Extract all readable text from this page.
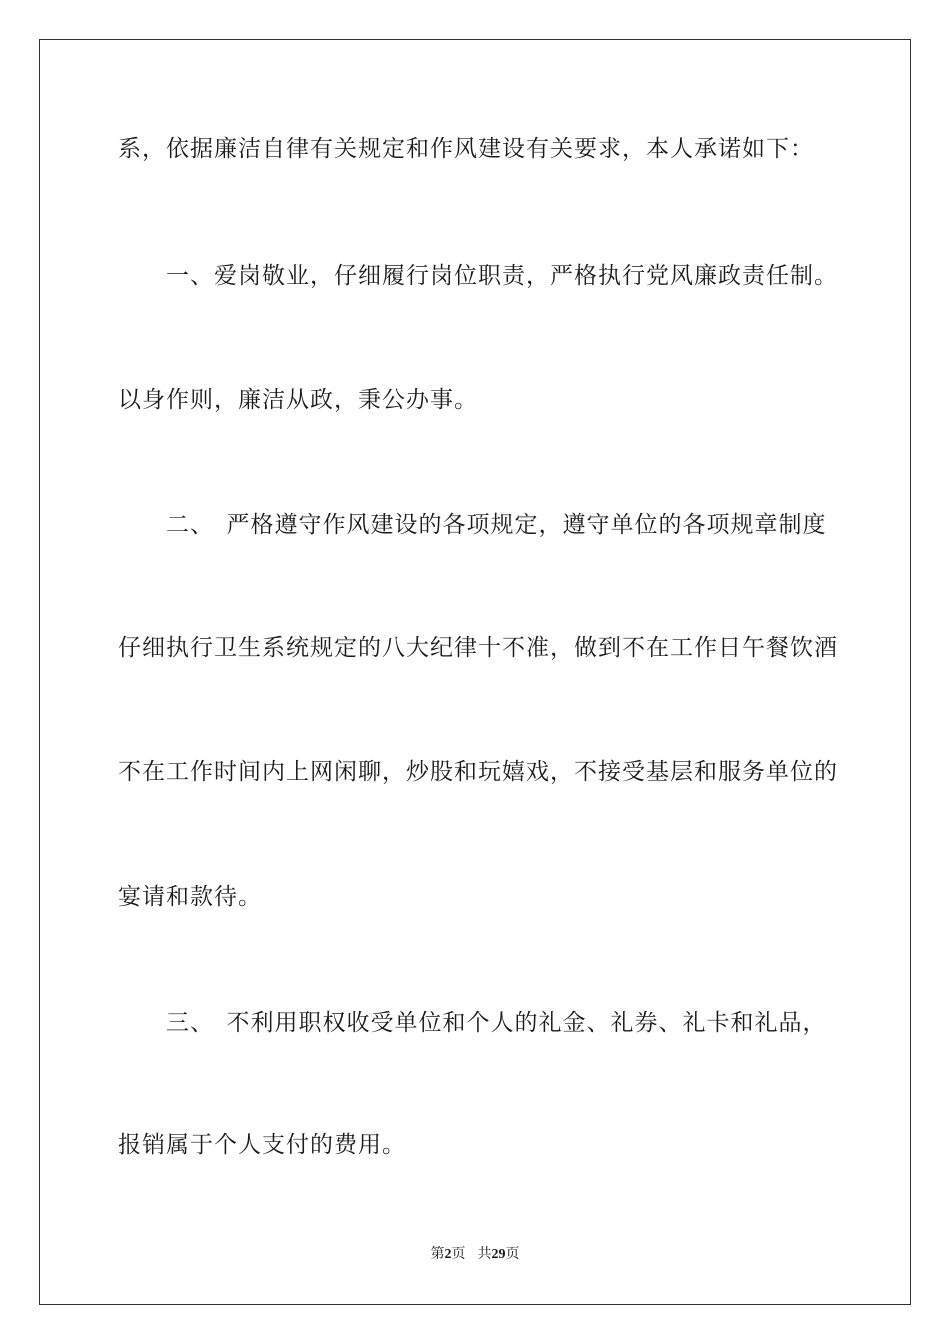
系，依据廉洁自律有关规定和作风建设有关要求，本人承诺如下：
　　一、爱岗敬业，仔细履行岗位职责，严格执行党风廉政责任制。
以身作则，廉洁从政，秉公办事。
　　二、　严格遵守作风建设的各项规定，遵守单位的各项规章制度
仔细执行卫生系统规定的八大纪律十不准，做到不在工作日午餐饮酒
不在工作时间内上网闲聊，炒股和玩嬉戏，不接受基层和服务单位的
宴请和款待。
　　三、　不利用职权收受单位和个人的礼金、礼券、礼卡和礼品，
报销属于个人支付的费用。
第2页 共29页
